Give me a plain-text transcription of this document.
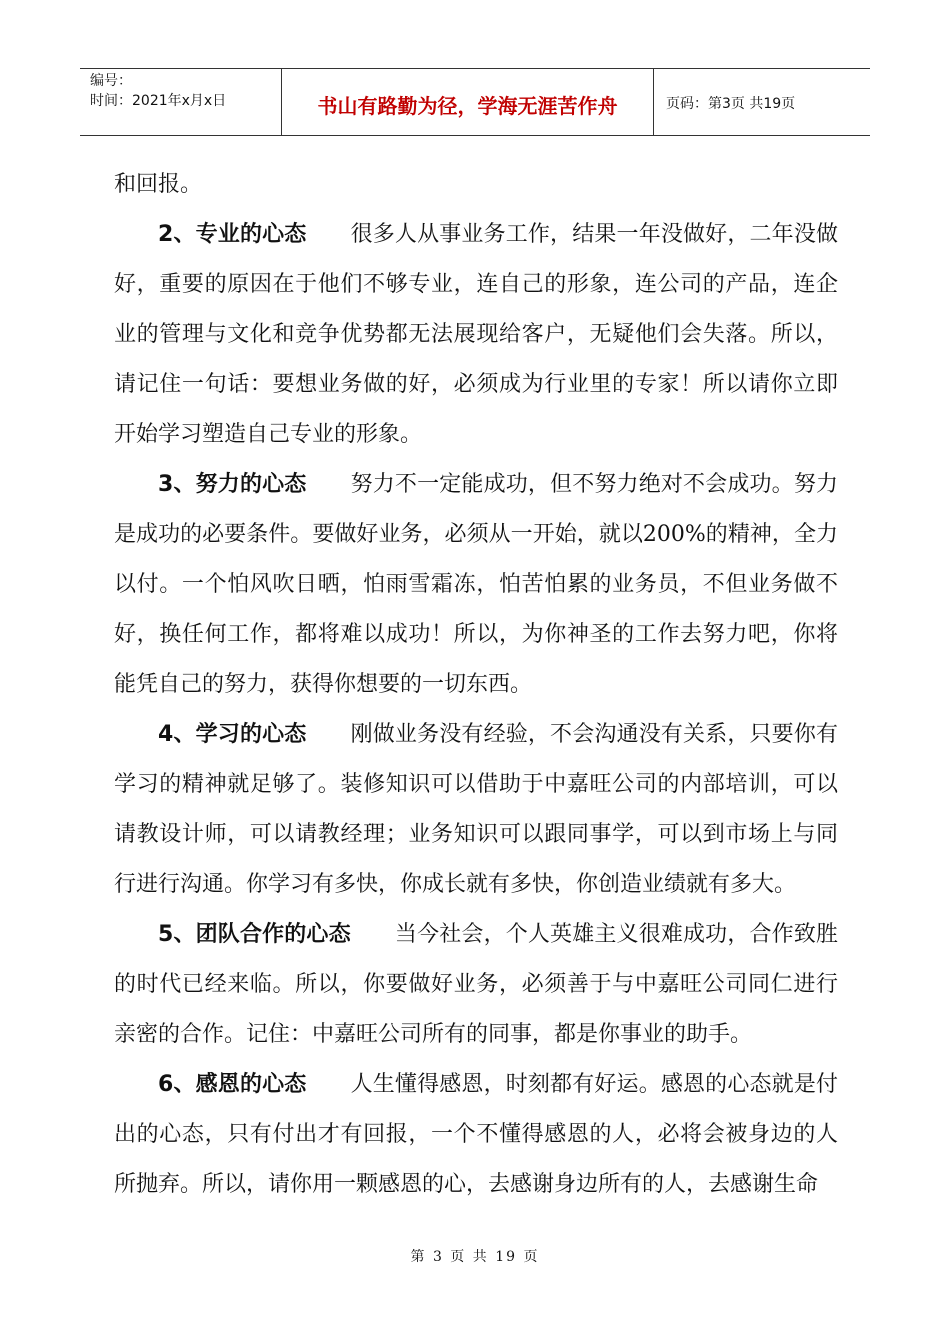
编号：
时间：2021年x月x日	书山有路勤为径，学海无涯苦作舟	页码：第3页 共19页

和回报。

2、专业的心态 很多人从事业务工作，结果一年没做好，二年没做好，重要的原因在于他们不够专业，连自己的形象，连公司的产品，连企业的管理与文化和竞争优势都无法展现给客户，无疑他们会失落。所以，请记住一句话：要想业务做的好，必须成为行业里的专家！所以请你立即开始学习塑造自己专业的形象。

3、努力的心态 努力不一定能成功，但不努力绝对不会成功。努力是成功的必要条件。要做好业务，必须从一开始，就以200%的精神，全力以付。一个怕风吹日晒，怕雨雪霜冻，怕苦怕累的业务员，不但业务做不好，换任何工作，都将难以成功！所以，为你神圣的工作去努力吧，你将能凭自己的努力，获得你想要的一切东西。

4、学习的心态 刚做业务没有经验，不会沟通没有关系，只要你有学习的精神就足够了。装修知识可以借助于中嘉旺公司的内部培训，可以请教设计师，可以请教经理；业务知识可以跟同事学，可以到市场上与同行进行沟通。你学习有多快，你成长就有多快，你创造业绩就有多大。

5、团队合作的心态 当今社会，个人英雄主义很难成功，合作致胜的时代已经来临。所以，你要做好业务，必须善于与中嘉旺公司同仁进行亲密的合作。记住：中嘉旺公司所有的同事，都是你事业的助手。

6、感恩的心态 人生懂得感恩，时刻都有好运。感恩的心态就是付出的心态，只有付出才有回报，一个不懂得感恩的人，必将会被身边的人所抛弃。所以，请你用一颗感恩的心，去感谢身边所有的人，去感谢生命

第 3 页 共 19 页
